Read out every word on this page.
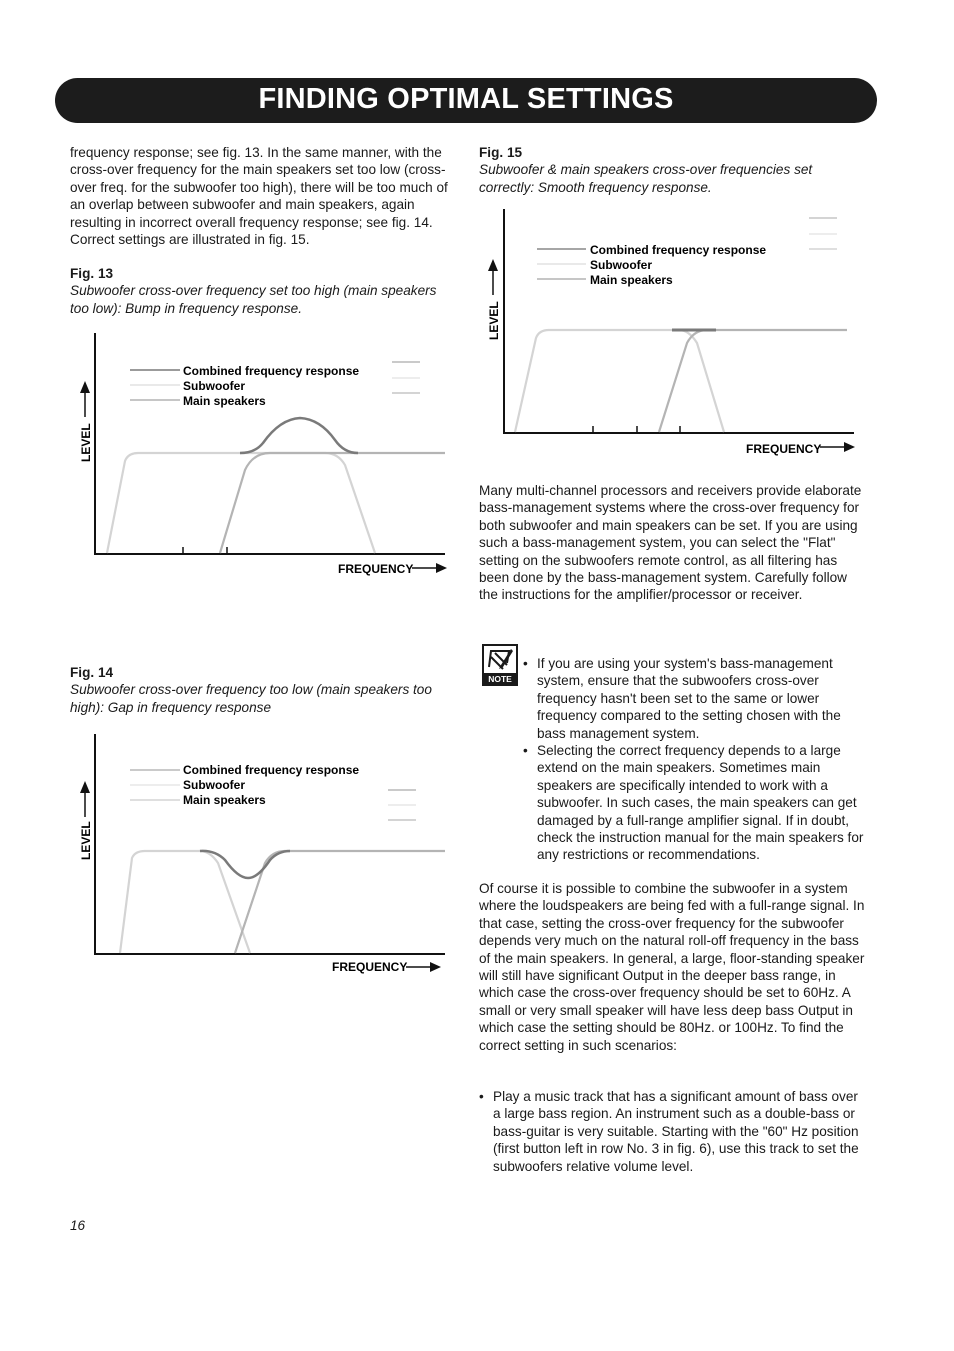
FINDING OPTIMAL SETTINGS

frequency response; see fig. 13. In the same manner, with the cross-over frequency for the main speakers set too low (cross-over freq. for the subwoofer too high), there will be too much of an overlap between subwoofer and main speakers, again resulting in incorrect overall frequency response; see fig. 14. Correct settings are illustrated in fig. 15.

Fig. 13

Subwoofer cross-over frequency set too high (main speakers too low): Bump in frequency response.

LEVEL
FREQUENCY
Combined frequency response
Subwoofer
Main speakers

Fig. 14

Subwoofer cross-over frequency too low (main speakers too high): Gap in frequency response

LEVEL
FREQUENCY
Combined frequency response
Subwoofer
Main speakers

Fig. 15

Subwoofer & main speakers cross-over frequencies set correctly: Smooth frequency response.

LEVEL
FREQUENCY
Combined frequency response
Subwoofer
Main speakers

Many multi-channel processors and receivers provide elaborate bass-management systems where the cross-over frequency for both subwoofer and main speakers can be set. If you are using such a bass-management system, you can select the "Flat" setting on the subwoofers remote control, as all filtering has been done by the bass-management system. Carefully follow the instructions for the amplifier/processor or receiver.

NOTE
• If you are using your system's bass-management system, ensure that the subwoofers cross-over frequency hasn't been set to the same or lower frequency compared to the setting chosen with the bass management system.
• Selecting the correct frequency depends to a large extend on the main speakers. Sometimes main speakers are specifically intended to work with a subwoofer. In such cases, the main speakers can get damaged by a full-range amplifier signal. If in doubt, check the instruction manual for the main speakers for any restrictions or recommendations.

Of course it is possible to combine the subwoofer in a system where the loudspeakers are being fed with a full-range signal. In that case, setting the cross-over frequency for the subwoofer depends very much on the natural roll-off frequency in the bass of the main speakers. In general, a large, floor-standing speaker will still have significant Output in the deeper bass range, in which case the cross-over frequency should be set to 60Hz. A small or very small speaker will have less deep bass Output in which case the setting should be 80Hz. or 100Hz. To find the correct setting in such scenarios:

• Play a music track that has a significant amount of bass over a large bass region. An instrument such as a double-bass or bass-guitar is very suitable. Starting with the "60" Hz position (first button left in row No. 3 in fig. 6), use this track to set the subwoofers relative volume level.
16
